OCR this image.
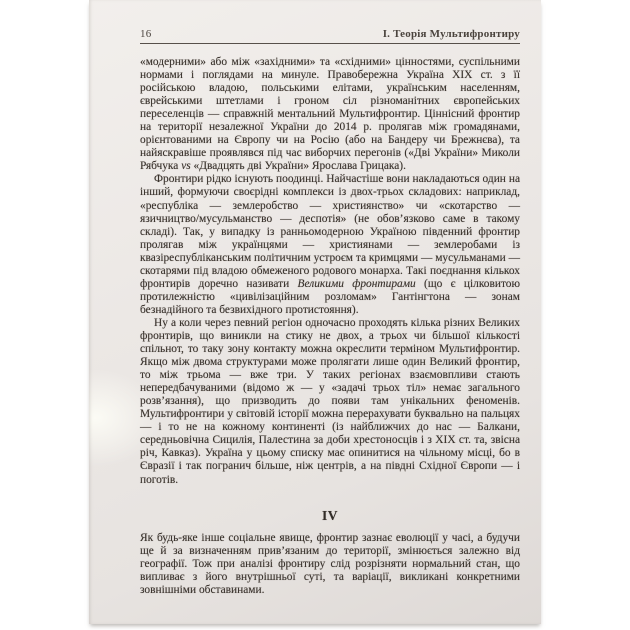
16	І. Теорія Мультифронтиру

«модерними» або між «західними» та «східними» цінностями, суспільними нормами і поглядами на минуле. Правобережна Україна XIX ст. з її російською владою, польськими елітами, українським населенням, єврейськими штетлами і гроном сіл різноманітних європейських переселенців — справжній ментальний Мультифронтир. Ціннісний фронтир на території незалежної України до 2014 р. пролягав між громадянами, орієнтованими на Європу чи на Росію (або на Бандеру чи Брежнєва), та найяскравіше проявлявся під час виборчих перегонів («Дві України» Миколи Рябчука vs «Двадцять дві України» Ярослава Грицака).

Фронтири рідко існують поодинці. Найчастіше вони накладаються один на інший, формуючи своєрідні комплекси із двох-трьох складових: наприклад, «республіка — землеробство — християнство» чи «скотарство — язичництво/мусульманство — деспотія» (не обов’язково саме в такому складі). Так, у випадку із ранньомодерною Україною південний фронтир пролягав між українцями — християнами — землеробами із квазіреспубліканським політичним устроєм та кримцями — мусульманами — скотарями під владою обмеженого родового монарха. Такі поєднання кількох фронтирів доречно називати Великими фронтирами (що є цілковитою протилежністю «цивілізаційним розломам» Гантінгтона — зонам безнадійного та безвихідного протистояння).

Ну а коли через певний регіон одночасно проходять кілька різних Великих фронтирів, що виникли на стику не двох, а трьох чи більшої кількості спільнот, то таку зону контакту можна окреслити терміном Мультифронтир. Якщо між двома структурами може пролягати лише один Великий фронтир, то між трьома — вже три. У таких регіонах взаємовпливи стають непередбачуваними (відомо ж — у «задачі трьох тіл» немає загального розв’язання), що призводить до появи там унікальних феноменів. Мультифронтири у світовій історії можна перерахувати буквально на пальцях — і то не на кожному континенті (із найближчих до нас — Балкани, середньовічна Сицилія, Палестина за доби хрестоносців і з XIX ст. та, звісна річ, Кавказ). Україна у цьому списку має опинитися на чільному місці, бо в Євразії і так погранич більше, ніж центрів, а на півдні Східної Європи — і поготів.

IV

Як будь-яке інше соціальне явище, фронтир зазнає еволюції у часі, а будучи ще й за визначенням прив’язаним до території, змінюється залежно від географії. Тож при аналізі фронтиру слід розрізняти нормальний стан, що випливає з його внутрішньої суті, та варіації, викликані конкретними зовнішніми обставинами.
